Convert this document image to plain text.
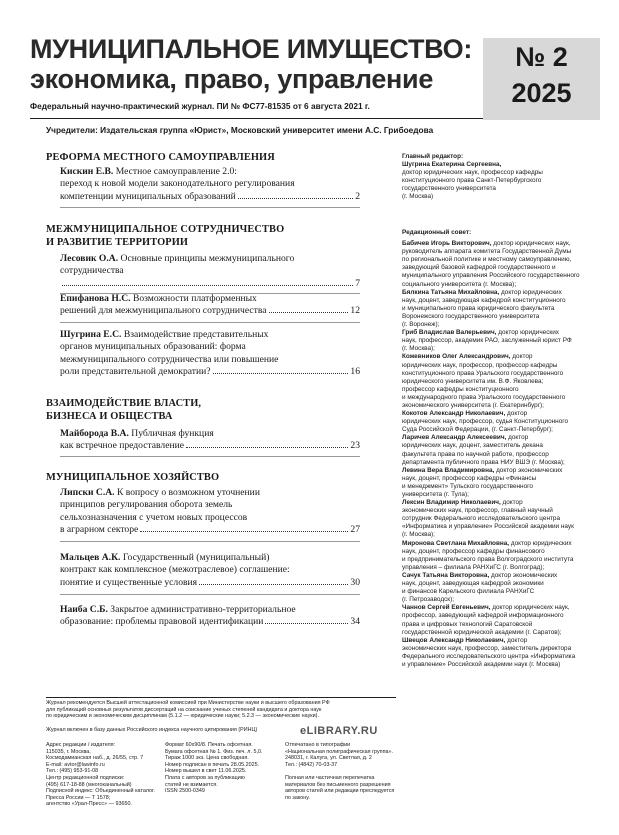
МУНИЦИПАЛЬНОЕ ИМУЩЕСТВО:
экономика, право, управление
Федеральный научно-практический журнал. ПИ № ФС77-81535 от 6 августа 2021 г.
№ 2
2025
Учредители: Издательская группа «Юрист», Московский университет имени А.С. Грибоедова
РЕФОРМА МЕСТНОГО САМОУПРАВЛЕНИЯ
Кискин Е.В. Местное самоуправление 2.0:
переход к новой модели законодательного регулирования
компетенции муниципальных образований	2
МЕЖМУНИЦИПАЛЬНОЕ СОТРУДНИЧЕСТВО
И РАЗВИТИЕ ТЕРРИТОРИИ
Лесовик О.А. Основные принципы межмуниципального
сотрудничества
7
Епифанова Н.С. Возможности платформенных
решений для межмуниципального сотрудничества	12
Шугрина Е.С. Взаимодействие представительных
органов муниципальных образований: форма
межмуниципального сотрудничества или повышение
роли представительной демократии?	16
ВЗАИМОДЕЙСТВИЕ ВЛАСТИ,
БИЗНЕСА И ОБЩЕСТВА
Майборода В.А. Публичная функция
как встречное предоставление	23
МУНИЦИПАЛЬНОЕ ХОЗЯЙСТВО
Липски С.А. К вопросу о возможном уточнении
принципов регулирования оборота земель
сельхозназначения с учетом новых процессов
в аграрном секторе	27
Мальцев А.К. Государственный (муниципальный)
контракт как комплексное (межотраслевое) соглашение:
понятие и существенные условия	30
Наиба С.Б. Закрытое административно-территориальное
образование: проблемы правовой идентификации	34
Главный редактор:
Шугрина Екатерина Сергеевна,
доктор юридических наук, профессор кафедры
конституционного права Санкт-Петербургского
государственного университета
(г. Москва)
Редакционный совет:
Бабичев Игорь Викторович, доктор юридических наук,
руководитель аппарата комитета Государственной Думы
по региональной политике и местному самоуправлению,
заведующий базовой кафедрой государственного и
муниципального управления Российского государственного
социального университета (г. Москва);
Бялкина Татьяна Михайловна, доктор юридических
наук, доцент, заведующая кафедрой конституционного
и муниципального права юридического факультета
Воронежского государственного университета
(г. Воронеж);
Гриб Владислав Валерьевич, доктор юридических
наук, профессор, академик РАО, заслуженный юрист РФ
(г. Москва);
Кожевников Олег Александрович, доктор
юридических наук, профессор, профессор кафедры
конституционного права Уральского государственного
юридического университета им. В.Ф. Яковлева;
профессор кафедры конституционного
и международного права Уральского государственного
экономического университета (г. Екатеринбург);
Кокотов Александр Николаевич, доктор
юридических наук, профессор, судья Конституционного
Суда Российской Федерации, (г. Санкт-Петербург);
Ларичев Александр Алексеевич, доктор
юридических наук, доцент, заместитель декана
факультета права по научной работе, профессор
департамента публичного права НИУ ВШЭ (г. Москва);
Левина Вера Владимировна, доктор экономических
наук, доцент, профессор кафедры «Финансы
и менеджмент» Тульского государственного
университета (г. Тула);
Лексин Владимир Николаевич, доктор
экономических наук, профессор, главный научный
сотрудник Федерального исследовательского центра
«Информатика и управление» Российской академии наук
(г. Москва);
Миронова Светлана Михайловна, доктор юридических
наук, доцент, профессор кафедры финансового
и предпринимательского права Волгоградского института
управления – филиала РАНХиГС (г. Волгоград);
Сачук Татьяна Викторовна, доктор экономических
наук, доцент, заведующая кафедрой экономики
и финансов Карельского филиала РАНХиГС
(г. Петрозаводск);
Чаннов Сергей Евгеньевич, доктор юридических наук,
профессор, заведующий кафедрой информационного
права и цифровых технологий Саратовской
государственной юридической академии (г. Саратов);
Швецов Александр Николаевич, доктор
экономических наук, профессор, заместитель директора
Федерального исследовательского центра «Информатика
и управление» Российской академии наук (г. Москва)
Журнал рекомендуется Высшей аттестационной комиссией при Министерстве науки и высшего образования РФ
для публикаций основных результатов диссертаций на соискание ученых степеней кандидата и доктора наук
по юридическим и экономическим дисциплинам (5.1.2 — юридические науки; 5.2.3 — экономические науки).
Журнал включен в базу данных Российского индекса научного цитирования (РИНЦ)	eLIBRARY.RU
Адрес редакции / издателя:
115035, г. Москва,
Космодамианская наб., д. 26/55, стр. 7
E-mail: avtor@lawinfo.ru
Тел.: (495) 953-91-08
Центр редакционной подписки:
(495) 617-18-88 (многоканальный)
Подписной индекс: Объединенный каталог.
Пресса России — Т 1578;
агентство «Урал-Пресс» — 93650.
Формат 60х90/8. Печать офсетная.
Бумага офсетная № 1. Физ. печ. л. 5,0.
Тираж 1000 экз. Цена свободная.
Номер подписан в печать 28.05.2025.
Номер вышел в свет 11.06.2025.
Плата с авторов за публикацию
статей не взимается.
ISSN 2500-0349
Отпечатано в типографии
«Национальная полиграфическая группа».
248031, г. Калуга, ул. Светлая, д. 2
Тел.: (4842) 70-03-37
Полная или частичная перепечатка
материалов без письменного разрешения
авторов статей или редакции преследуется
по закону.
